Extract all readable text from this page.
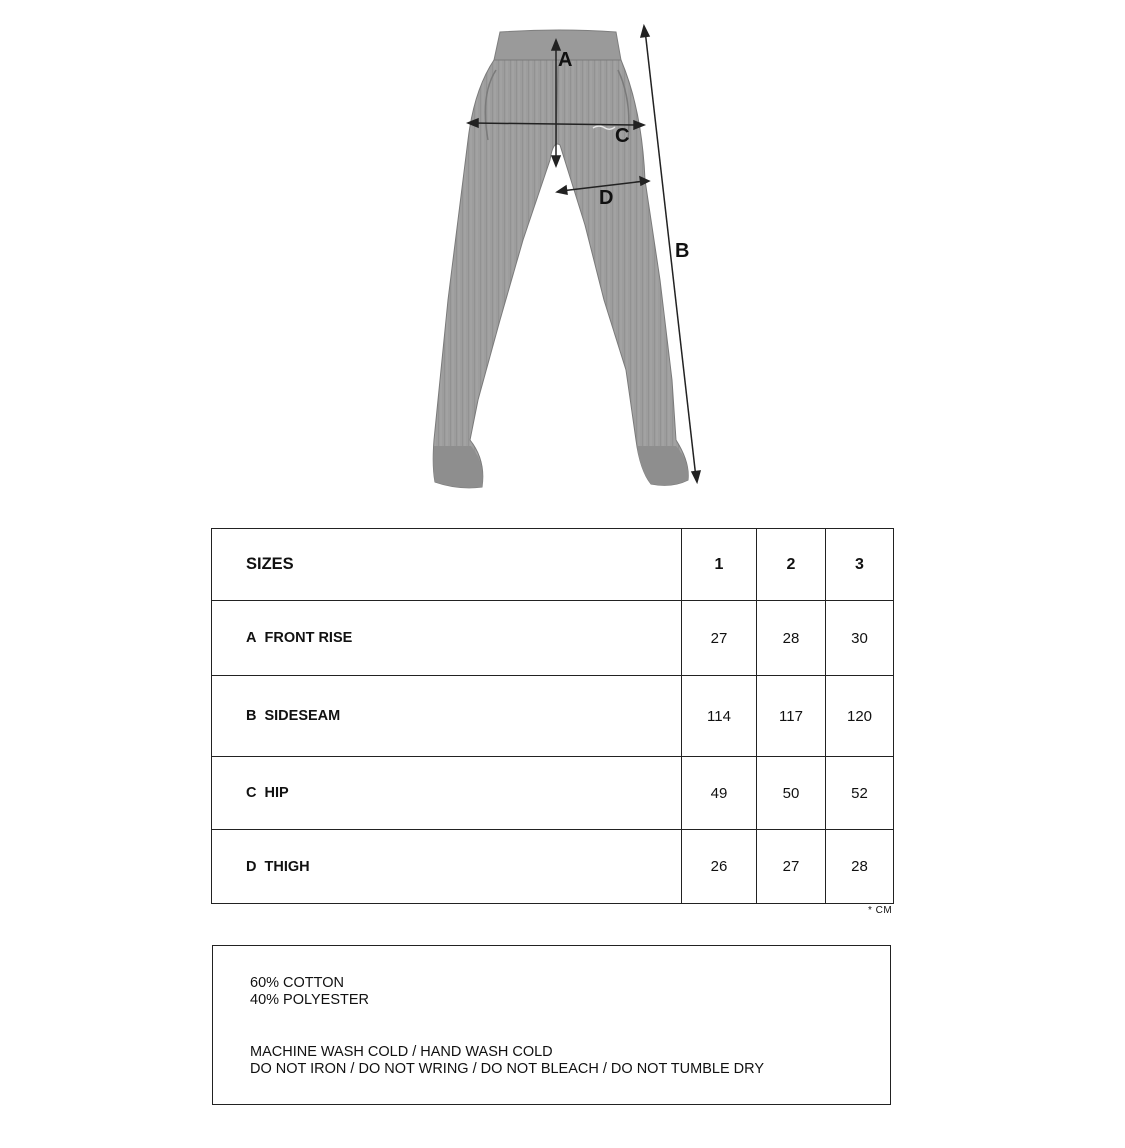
A
B
C
D
SIZES	1	2	3
A FRONT RISE	27	28	30
B SIDESEAM	114	117	120
C HIP	49	50	52
D THIGH	26	27	28
* CM
60% COTTON
40% POLYESTER
MACHINE WASH COLD / HAND WASH COLD
DO NOT IRON / DO NOT WRING / DO NOT BLEACH / DO NOT TUMBLE DRY
